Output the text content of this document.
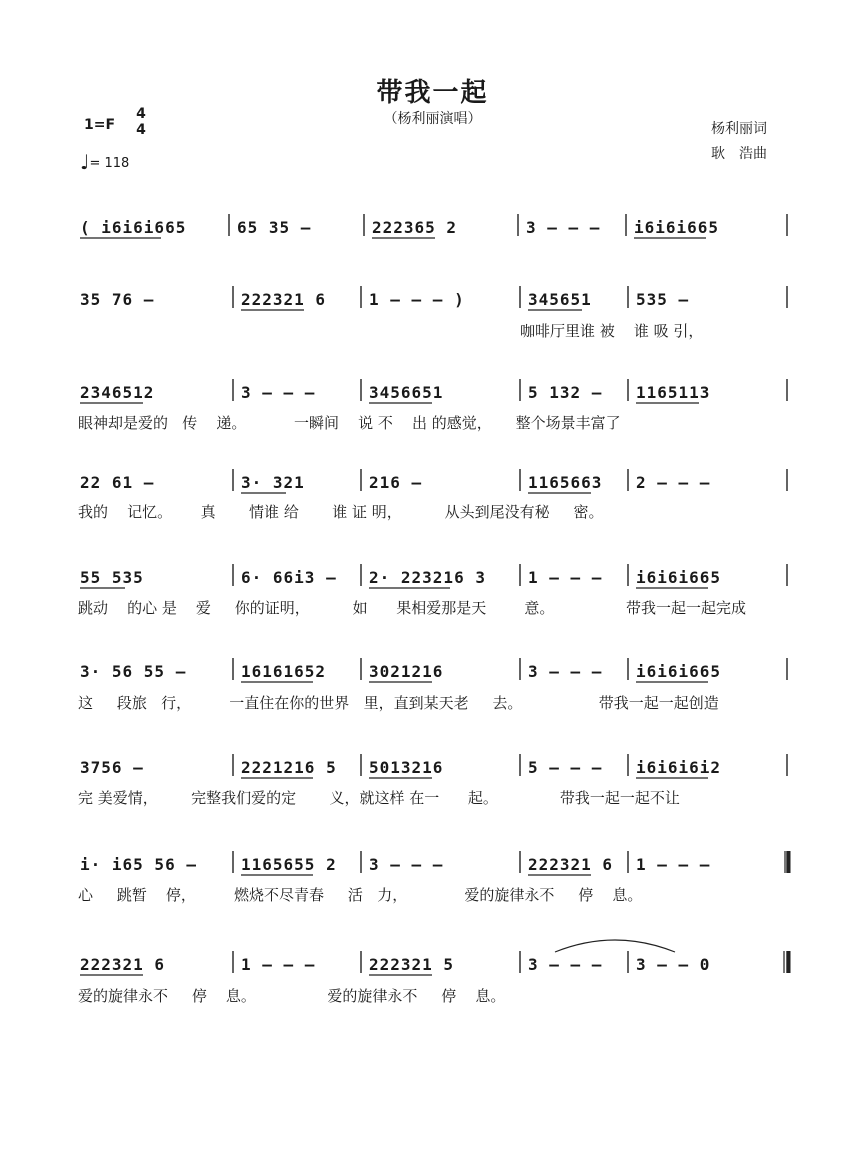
带我一起
（杨利丽演唱）
1=F
4
4
♩= 118
杨利丽词
耿　浩曲
( i6i6i665	65 35 –	222365 2	3 – – – i6i6i665
35 76 –	222321 6	1 – – – )	345651	535 –
2346512	3 – – –	3456651	5 132 – 1165113
22 61 –	3· 321	216 –	1165663 2 – – –
55 535	6· 66i3 – 2· 223216 3	1 – – – i6i6i665
3· 56 55 –	16161652	3021216	3 – – – i6i6i665
3756 –	2221216 5 5013216	5 – – – i6i6i6i2
i· i65 56 –	1165655 2 3 – – –	222321 6 1 – – –
222321 6	1 – – –	222321 5	3 – – – 3 – – 0
咖啡厅里谁 被    谁 吸 引，
眼神却是爱的   传    递。          一瞬间    说 不    出 的感觉，     整个场景丰富了
我的    记忆。      真       情谁 给       谁 证 明，         从头到尾没有秘     密。
跳动    的心 是    爱     你的证明，         如      果相爱那是天        意。               带我一起一起完成
这     段旅   行，        一直住在你的世界   里，直到某天老     去。                带我一起一起创造
完 美爱情，       完整我们爱的定       义，就这样 在一      起。             带我一起一起不让
心     跳暂    停，        燃烧不尽青春     活   力，            爱的旋律永不     停    息。
爱的旋律永不     停    息。               爱的旋律永不     停    息。
